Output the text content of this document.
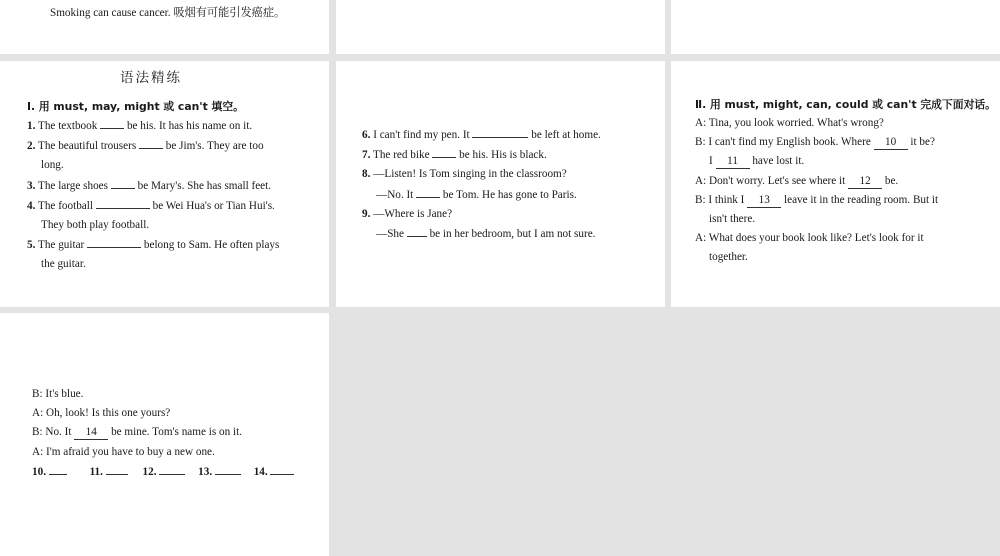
Smoking can cause cancer. 吸烟有可能引发癌症。
语法精练
Ⅰ. 用 must, may, might 或 can't 填空。
1. The textbook	be his. It has his name on it.
2. The beautiful trousers	be Jim's. They are too
long.
3. The large shoes	be Mary's. She has small feet.
4. The football	be Wei Hua's or Tian Hui's.
They both play football.
5. The guitar	belong to Sam. He often plays
the guitar.
6. I can't find my pen. It	be left at home.
7. The red bike	be his. His is black.
8. —Listen! Is Tom singing in the classroom?
—No. It	be Tom. He has gone to Paris.
9. —Where is Jane?
—She be in her bedroom, but I am not sure.
Ⅱ. 用 must, might, can, could 或 can't 完成下面对话。
A: Tina, you look worried. What's wrong?
B: I can't find my English book. Where 10 it be?
I 11 have lost it.
A: Don't worry. Let's see where it 12 be.
B: I think I 13 leave it in the reading room. But it
isn't there.
A: What does your book look like? Let's look for it
together.
B: It's blue.
A: Oh, look! Is this one yours?
B: No. It 14 be mine. Tom's name is on it.
A: I'm afraid you have to buy a new one.
10.	11.	12.	13.	14.
